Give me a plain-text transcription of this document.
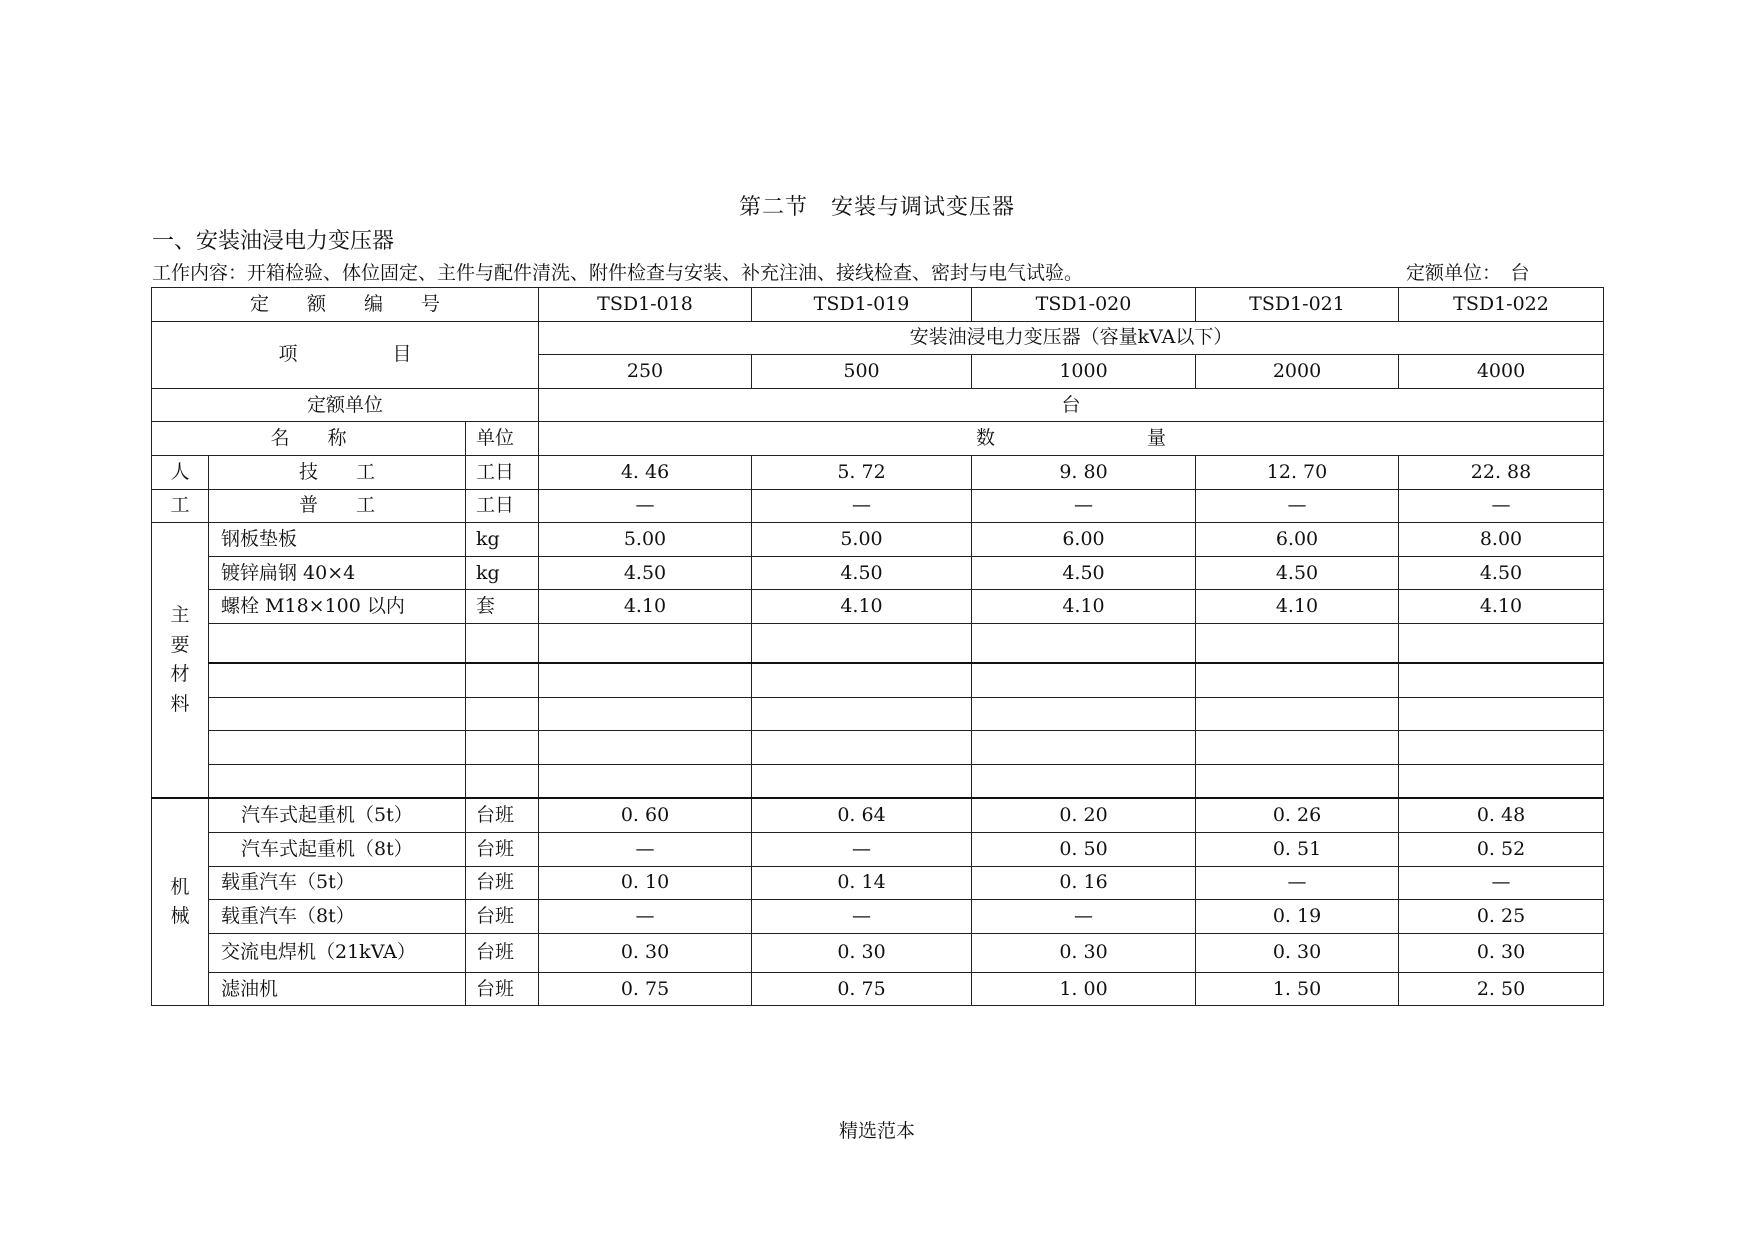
第二节　安装与调试变压器
一、安装油浸电力变压器
工作内容：开箱检验、体位固定、主件与配件清洗、附件检查与安装、补充注油、接线检查、密封与电气试验。	定额单位：　台
定　　额　　编　　号			TSD1-018	TSD1-019	TSD1-020	TSD1-021	TSD1-022
项　　　　　目			安装油浸电力变压器（容量kVA以下）				
			250	500	1000	2000	4000
定额单位			台				
名　　称		单位	数　　　　　　　　量				
人	技　　工	工日	4. 46	5. 72	9. 80	12. 70	22. 88
工	普　　工	工日	—	—	—	—	—

主
要
材
料	钢板垫板	kg	5.00	5.00	6.00	6.00	8.00
	镀锌扁钢 40×4	kg	4.50	4.50	4.50	4.50	4.50
	螺栓 M18×100 以内	套	4.10	4.10	4.10	4.10	4.10

机
械	汽车式起重机（5t）	台班	0. 60	0. 64	0. 20	0. 26	0. 48
	汽车式起重机（8t）	台班	—	—	0. 50	0. 51	0. 52
	载重汽车（5t）	台班	0. 10	0. 14	0. 16	—	—
	载重汽车（8t）	台班	—	—	—	0. 19	0. 25
	交流电焊机（21kVA）	台班	0. 30	0. 30	0. 30	0. 30	0. 30
	滤油机	台班	0. 75	0. 75	1. 00	1. 50	2. 50
精选范本
